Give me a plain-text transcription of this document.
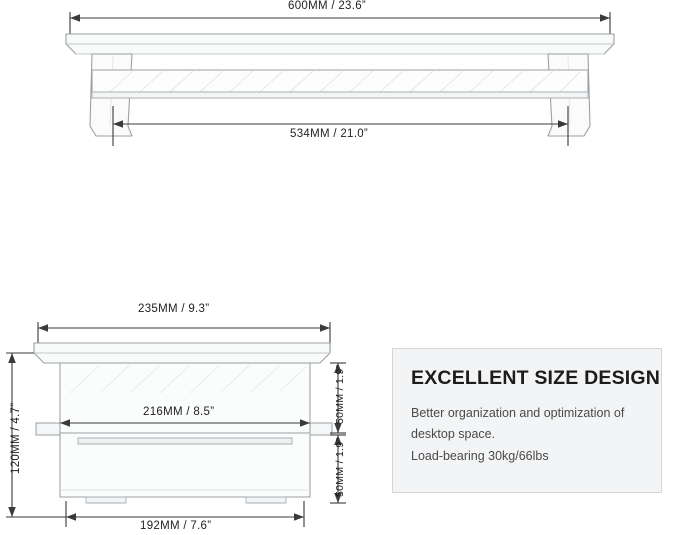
600MM / 23.6”
534MM / 21.0”
235MM / 9.3”
216MM / 8.5”
192MM / 7.6”
120MM / 4.7”
50MM / 1.9”
50MM / 1.9”
EXCELLENT SIZE DESIGN

Better organization and optimization of

desktop space.

Load-bearing 30kg/66lbs
